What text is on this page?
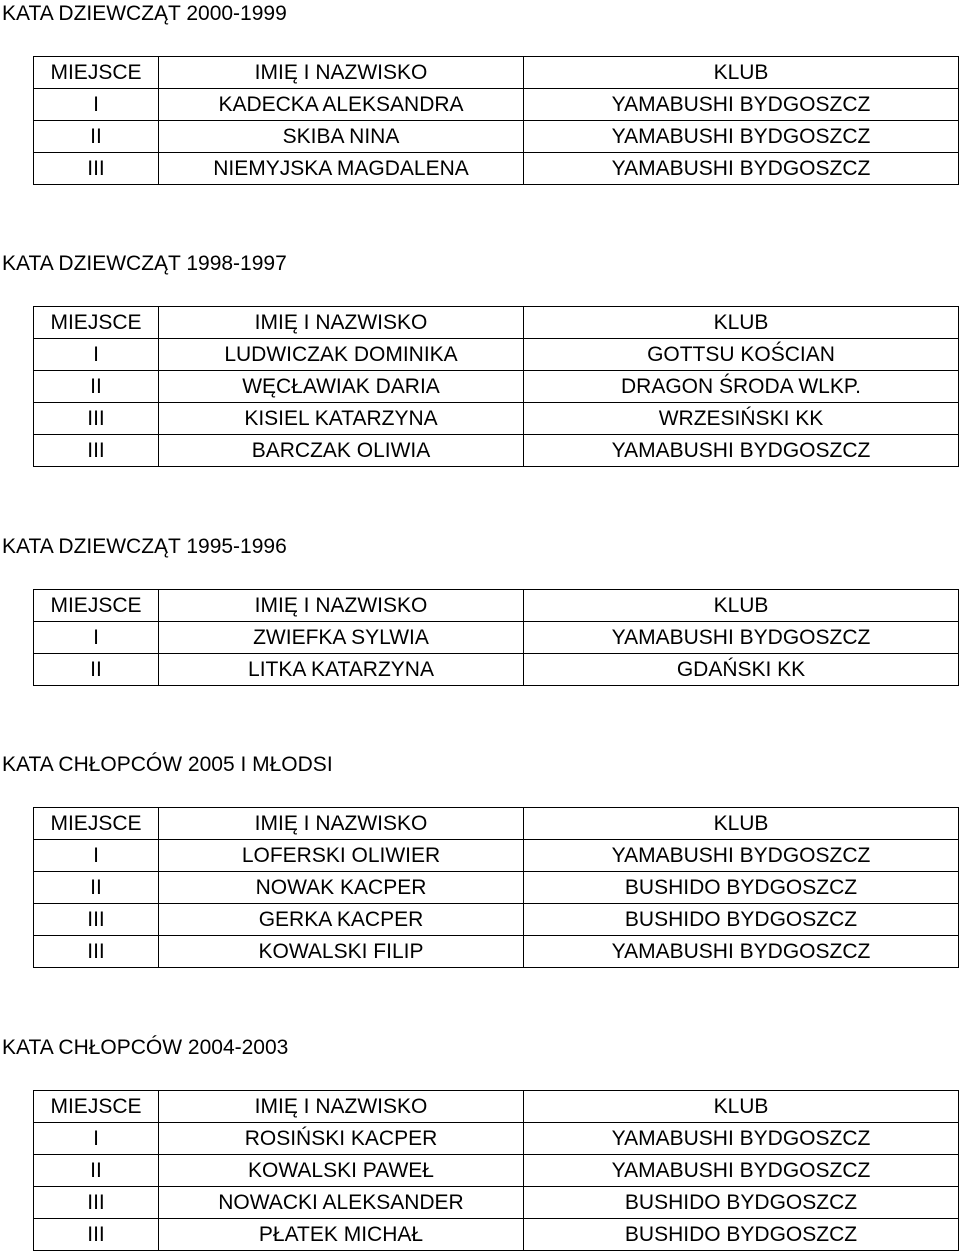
KATA DZIEWCZĄT 2000-1999
MIEJSCE	IMIĘ I NAZWISKO	KLUB
I	KADECKA ALEKSANDRA	YAMABUSHI BYDGOSZCZ
II	SKIBA NINA	YAMABUSHI BYDGOSZCZ
III	NIEMYJSKA MAGDALENA	YAMABUSHI BYDGOSZCZ
KATA DZIEWCZĄT 1998-1997
MIEJSCE	IMIĘ I NAZWISKO	KLUB
I	LUDWICZAK DOMINIKA	GOTTSU KOŚCIAN
II	WĘCŁAWIAK DARIA	DRAGON ŚRODA WLKP.
III	KISIEL KATARZYNA	WRZESIŃSKI KK
III	BARCZAK OLIWIA	YAMABUSHI BYDGOSZCZ
KATA DZIEWCZĄT 1995-1996
MIEJSCE	IMIĘ I NAZWISKO	KLUB
I	ZWIEFKA SYLWIA	YAMABUSHI BYDGOSZCZ
II	LITKA KATARZYNA	GDAŃSKI KK
KATA CHŁOPCÓW 2005 I MŁODSI
MIEJSCE	IMIĘ I NAZWISKO	KLUB
I	LOFERSKI OLIWIER	YAMABUSHI BYDGOSZCZ
II	NOWAK KACPER	BUSHIDO BYDGOSZCZ
III	GERKA KACPER	BUSHIDO BYDGOSZCZ
III	KOWALSKI FILIP	YAMABUSHI BYDGOSZCZ
KATA CHŁOPCÓW 2004-2003
MIEJSCE	IMIĘ I NAZWISKO	KLUB
I	ROSIŃSKI KACPER	YAMABUSHI BYDGOSZCZ
II	KOWALSKI PAWEŁ	YAMABUSHI BYDGOSZCZ
III	NOWACKI ALEKSANDER	BUSHIDO BYDGOSZCZ
III	PŁATEK MICHAŁ	BUSHIDO BYDGOSZCZ
